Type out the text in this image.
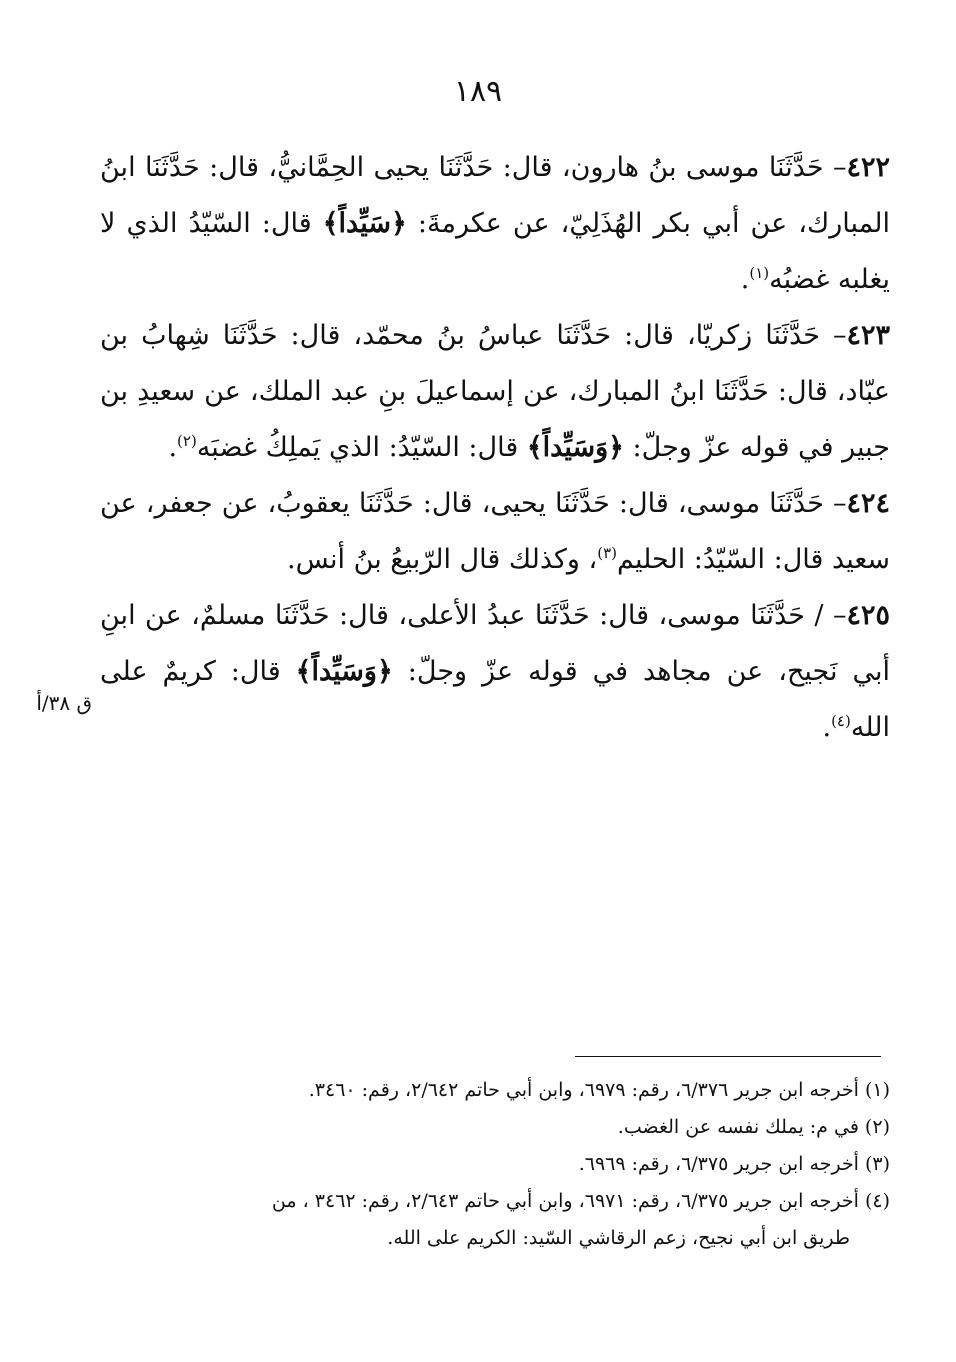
١٨٩
ق ٣٨/أ

٤٢٢– حَدَّثَنَا موسى بنُ هارون، قال: حَدَّثَنَا يحيى الحِمَّانيُّ، قال: حَدَّثَنَا ابنُ المبارك، عن أبي بكر الهُذَلِيّ، عن عكرمةَ: ﴿سَيِّداً﴾ قال: السّيّدُ الذي لا يغلبه غضبُه$^{(١)}$.

٤٢٣– حَدَّثَنَا زكريّا، قال: حَدَّثَنَا عباسُ بنُ محمّد، قال: حَدَّثَنَا شِهابُ بن عبّاد، قال: حَدَّثَنَا ابنُ المبارك، عن إسماعيلَ بنِ عبد الملك، عن سعيدِ بن جبير في قوله عزّ وجلّ: ﴿وَسَيِّداً﴾ قال: السّيّدُ: الذي يَملِكُ غضبَه$^{(٢)}$.

٤٢٤– حَدَّثَنَا موسى، قال: حَدَّثَنَا يحيى، قال: حَدَّثَنَا يعقوبُ، عن جعفر، عن سعيد قال: السّيّدُ: الحليم$^{(٣)}$، وكذلك قال الرّبيعُ بنُ أنس.

٤٢٥– / حَدَّثَنَا موسى، قال: حَدَّثَنَا عبدُ الأعلى، قال: حَدَّثَنَا مسلمٌ، عن ابنِ أبي نَجيح، عن مجاهد في قوله عزّ وجلّ: ﴿وَسَيِّداً﴾ قال: كريمٌ على الله$^{(٤)}$.

(١) أخرجه ابن جرير ٦/٣٧٦، رقم: ٦٩٧٩، وابن أبي حاتم ٢/٦٤٢، رقم: ٣٤٦٠.

(٢) في م: يملك نفسه عن الغضب.

(٣) أخرجه ابن جرير ٦/٣٧٥، رقم: ٦٩٦٩.

(٤) أخرجه ابن جرير ٦/٣٧٥، رقم: ٦٩٧١، وابن أبي حاتم ٢/٦٤٣، رقم: ٣٤٦٢ ، من

طريق ابن أبي نجيح، زعم الرقاشي السّيد: الكريم على الله.
